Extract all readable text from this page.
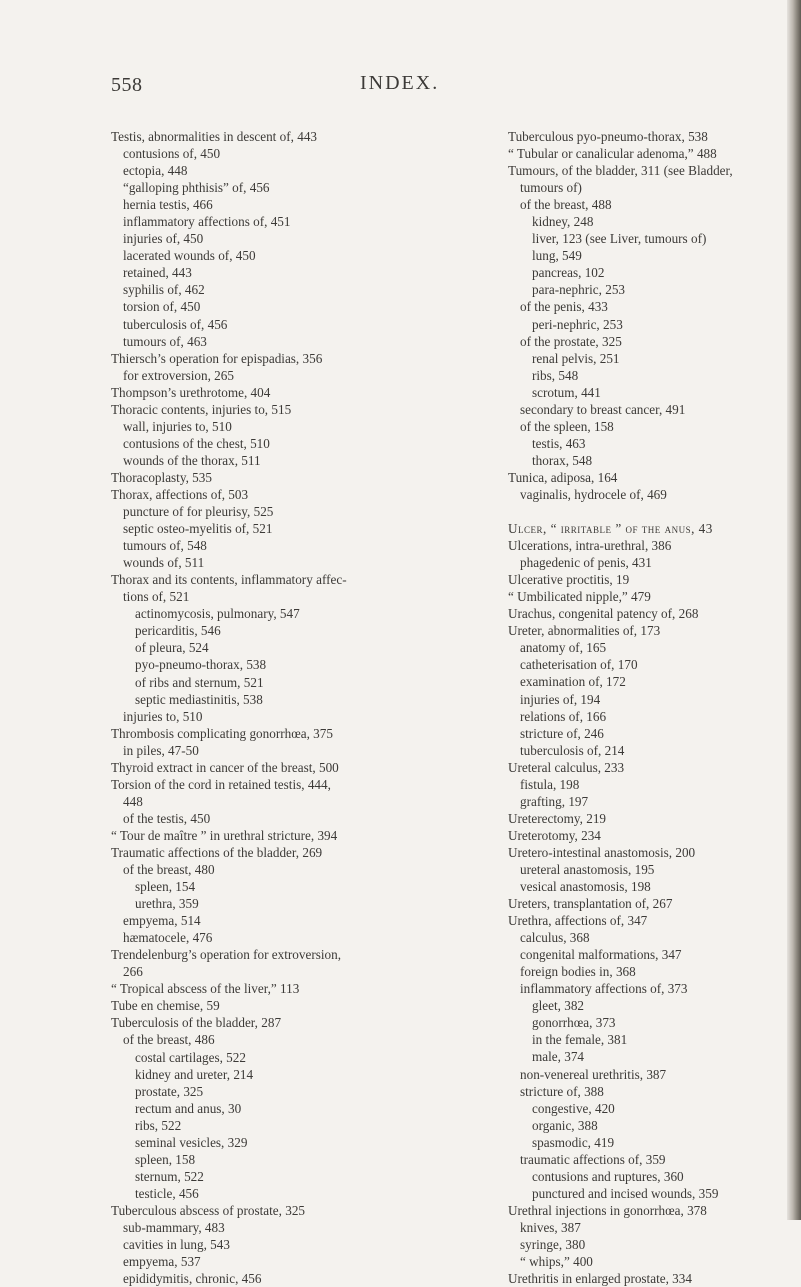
558	INDEX.
Testis, abnormalities in descent of, 443
contusions of, 450
ectopia, 448
“galloping phthisis” of, 456
hernia testis, 466
inflammatory affections of, 451
injuries of, 450
lacerated wounds of, 450
retained, 443
syphilis of, 462
torsion of, 450
tuberculosis of, 456
tumours of, 463
Thiersch’s operation for epispadias, 356
for extroversion, 265
Thompson’s urethrotome, 404
Thoracic contents, injuries to, 515
wall, injuries to, 510
contusions of the chest, 510
wounds of the thorax, 511
Thoracoplasty, 535
Thorax, affections of, 503
puncture of for pleurisy, 525
septic osteo-myelitis of, 521
tumours of, 548
wounds of, 511
Thorax and its contents, inflammatory affec-
tions of, 521
actinomycosis, pulmonary, 547
pericarditis, 546
of pleura, 524
pyo-pneumo-thorax, 538
of ribs and sternum, 521
septic mediastinitis, 538
injuries to, 510
Thrombosis complicating gonorrhœa, 375
in piles, 47-50
Thyroid extract in cancer of the breast, 500
Torsion of the cord in retained testis, 444,
448
of the testis, 450
“ Tour de maître ” in urethral stricture, 394
Traumatic affections of the bladder, 269
of the breast, 480
spleen, 154
urethra, 359
empyema, 514
hæmatocele, 476
Trendelenburg’s operation for extroversion,
266
“ Tropical abscess of the liver,” 113
Tube en chemise, 59
Tuberculosis of the bladder, 287
of the breast, 486
costal cartilages, 522
kidney and ureter, 214
prostate, 325
rectum and anus, 30
ribs, 522
seminal vesicles, 329
spleen, 158
sternum, 522
testicle, 456
Tuberculous abscess of prostate, 325
sub-mammary, 483
cavities in lung, 543
empyema, 537
epididymitis, chronic, 456
Tuberculous pyo-pneumo-thorax, 538
“ Tubular or canalicular adenoma,” 488
Tumours, of the bladder, 311 (see Bladder,
tumours of)
of the breast, 488
kidney, 248
liver, 123 (see Liver, tumours of)
lung, 549
pancreas, 102
para-nephric, 253
of the penis, 433
peri-nephric, 253
of the prostate, 325
renal pelvis, 251
ribs, 548
scrotum, 441
secondary to breast cancer, 491
of the spleen, 158
testis, 463
thorax, 548
Tunica, adiposa, 164
vaginalis, hydrocele of, 469
Ulcer, “ irritable ” of the anus, 43
Ulcerations, intra-urethral, 386
phagedenic of penis, 431
Ulcerative proctitis, 19
“ Umbilicated nipple,” 479
Urachus, congenital patency of, 268
Ureter, abnormalities of, 173
anatomy of, 165
catheterisation of, 170
examination of, 172
injuries of, 194
relations of, 166
stricture of, 246
tuberculosis of, 214
Ureteral calculus, 233
fistula, 198
grafting, 197
Ureterectomy, 219
Ureterotomy, 234
Uretero-intestinal anastomosis, 200
ureteral anastomosis, 195
vesical anastomosis, 198
Ureters, transplantation of, 267
Urethra, affections of, 347
calculus, 368
congenital malformations, 347
foreign bodies in, 368
inflammatory affections of, 373
gleet, 382
gonorrhœa, 373
in the female, 381
male, 374
non-venereal urethritis, 387
stricture of, 388
congestive, 420
organic, 388
spasmodic, 419
traumatic affections of, 359
contusions and ruptures, 360
punctured and incised wounds, 359
Urethral injections in gonorrhœa, 378
knives, 387
syringe, 380
“ whips,” 400
Urethritis in enlarged prostate, 334
